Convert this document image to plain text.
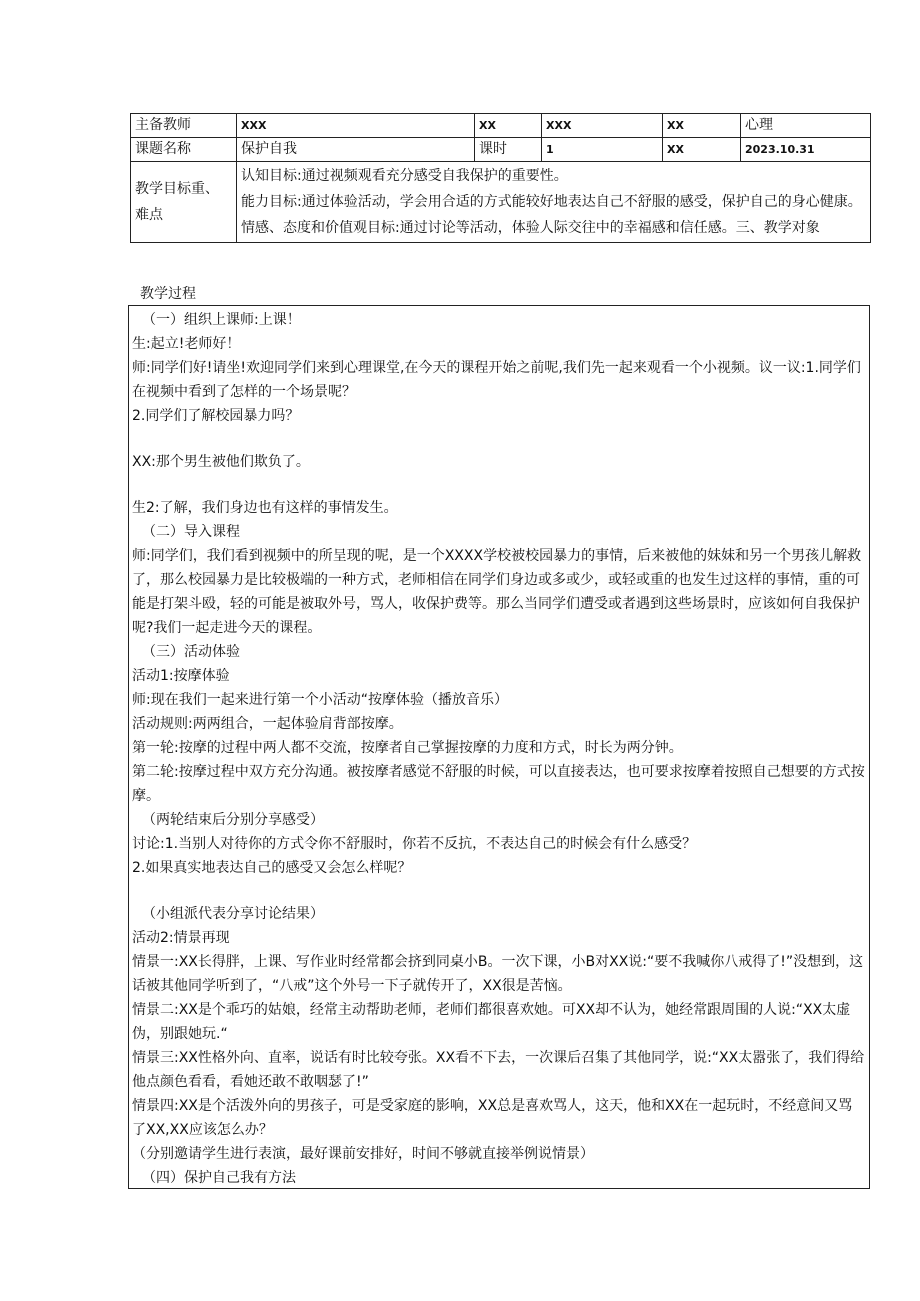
主备教师	XXX	XX	XXX	XX	心理
课题名称	保护自我	课时	1	XX	2023.10.31
教学目标重、难点	认知目标:通过视频观看充分感受自我保护的重要性。
能力目标:通过体验活动，学会用合适的方式能较好地表达自己不舒服的感受，保护自己的身心健康。
情感、态度和价值观目标:通过讨论等活动，体验人际交往中的幸福感和信任感。三、教学对象				
教学过程

（一）组织上课师:上课！

生:起立!老师好！

师:同学们好!请坐!欢迎同学们来到心理课堂,在今天的课程开始之前呢,我们先一起来观看一个小视频。议一议:1.同学们在视频中看到了怎样的一个场景呢？

2.同学们了解校园暴力吗？

XX:那个男生被他们欺负了。

生2:了解，我们身边也有这样的事情发生。

（二）导入课程

师:同学们，我们看到视频中的所呈现的呢，是一个XXXX学校被校园暴力的事情，后来被他的妹妹和另一个男孩儿解救了，那么校园暴力是比较极端的一种方式，老师相信在同学们身边或多或少，或轻或重的也发生过这样的事情，重的可能是打架斗殴，轻的可能是被取外号，骂人，收保护费等。那么当同学们遭受或者遇到这些场景时，应该如何自我保护呢?我们一起走进今天的课程。

（三）活动体验

活动1:按摩体验

师:现在我们一起来进行第一个小活动“按摩体验（播放音乐）

活动规则:两两组合，一起体验肩背部按摩。

第一轮:按摩的过程中两人都不交流，按摩者自己掌握按摩的力度和方式，时长为两分钟。

第二轮:按摩过程中双方充分沟通。被按摩者感觉不舒服的时候，可以直接表达，也可要求按摩着按照自己想要的方式按摩。

（两轮结束后分别分享感受）

讨论:1.当别人对待你的方式令你不舒服时，你若不反抗，不表达自己的时候会有什么感受？

2.如果真实地表达自己的感受又会怎么样呢？

（小组派代表分享讨论结果）

活动2:情景再现

情景一:XX长得胖，上课、写作业时经常都会挤到同桌小B。一次下课，小B对XX说:“要不我喊你八戒得了!”没想到，这话被其他同学听到了，“八戒”这个外号一下子就传开了，XX很是苦恼。

情景二:XX是个乖巧的姑娘，经常主动帮助老师，老师们都很喜欢她。可XX却不认为，她经常跟周围的人说:“XX太虚伪，别跟她玩.“

情景三:XX性格外向、直率，说话有时比较夸张。XX看不下去，一次课后召集了其他同学，说:“XX太嚣张了，我们得给他点颜色看看，看她还敢不敢咽瑟了!”

情景四:XX是个活泼外向的男孩子，可是受家庭的影响，XX总是喜欢骂人，这天，他和XX在一起玩时，不经意间又骂了XX,XX应该怎么办？

（分别邀请学生进行表演，最好课前安排好，时间不够就直接举例说情景）

（四）保护自己我有方法
